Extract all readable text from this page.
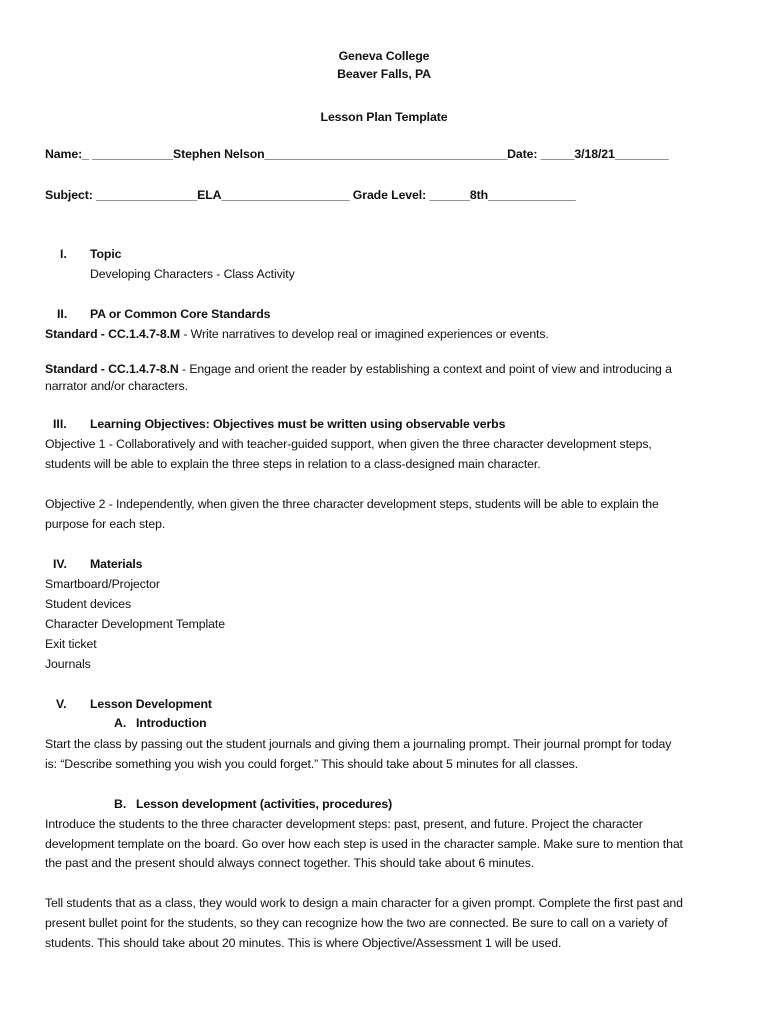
Geneva College
Beaver Falls, PA
Lesson Plan Template
Name:_ ____________Stephen Nelson____________________________________Date: _____3/18/21________
Subject: _______________ELA___________________ Grade Level: ______8th_____________
I. Topic
Developing Characters - Class Activity
II. PA or Common Core Standards
Standard - CC.1.4.7-8.M - Write narratives to develop real or imagined experiences or events.
Standard - CC.1.4.7-8.N - Engage and orient the reader by establishing a context and point of view and introducing a
narrator and/or characters.
III. Learning Objectives: Objectives must be written using observable verbs
Objective 1 - Collaboratively and with teacher-guided support, when given the three character development steps,
students will be able to explain the three steps in relation to a class-designed main character.
Objective 2 - Independently, when given the three character development steps, students will be able to explain the
purpose for each step.
IV. Materials
Smartboard/Projector
Student devices
Character Development Template
Exit ticket
Journals
V. Lesson Development
A. Introduction
Start the class by passing out the student journals and giving them a journaling prompt. Their journal prompt for today
is: “Describe something you wish you could forget.” This should take about 5 minutes for all classes.
B. Lesson development (activities, procedures)
Introduce the students to the three character development steps: past, present, and future. Project the character
development template on the board. Go over how each step is used in the character sample. Make sure to mention that
the past and the present should always connect together. This should take about 6 minutes.
Tell students that as a class, they would work to design a main character for a given prompt. Complete the first past and
present bullet point for the students, so they can recognize how the two are connected. Be sure to call on a variety of
students. This should take about 20 minutes. This is where Objective/Assessment 1 will be used.
